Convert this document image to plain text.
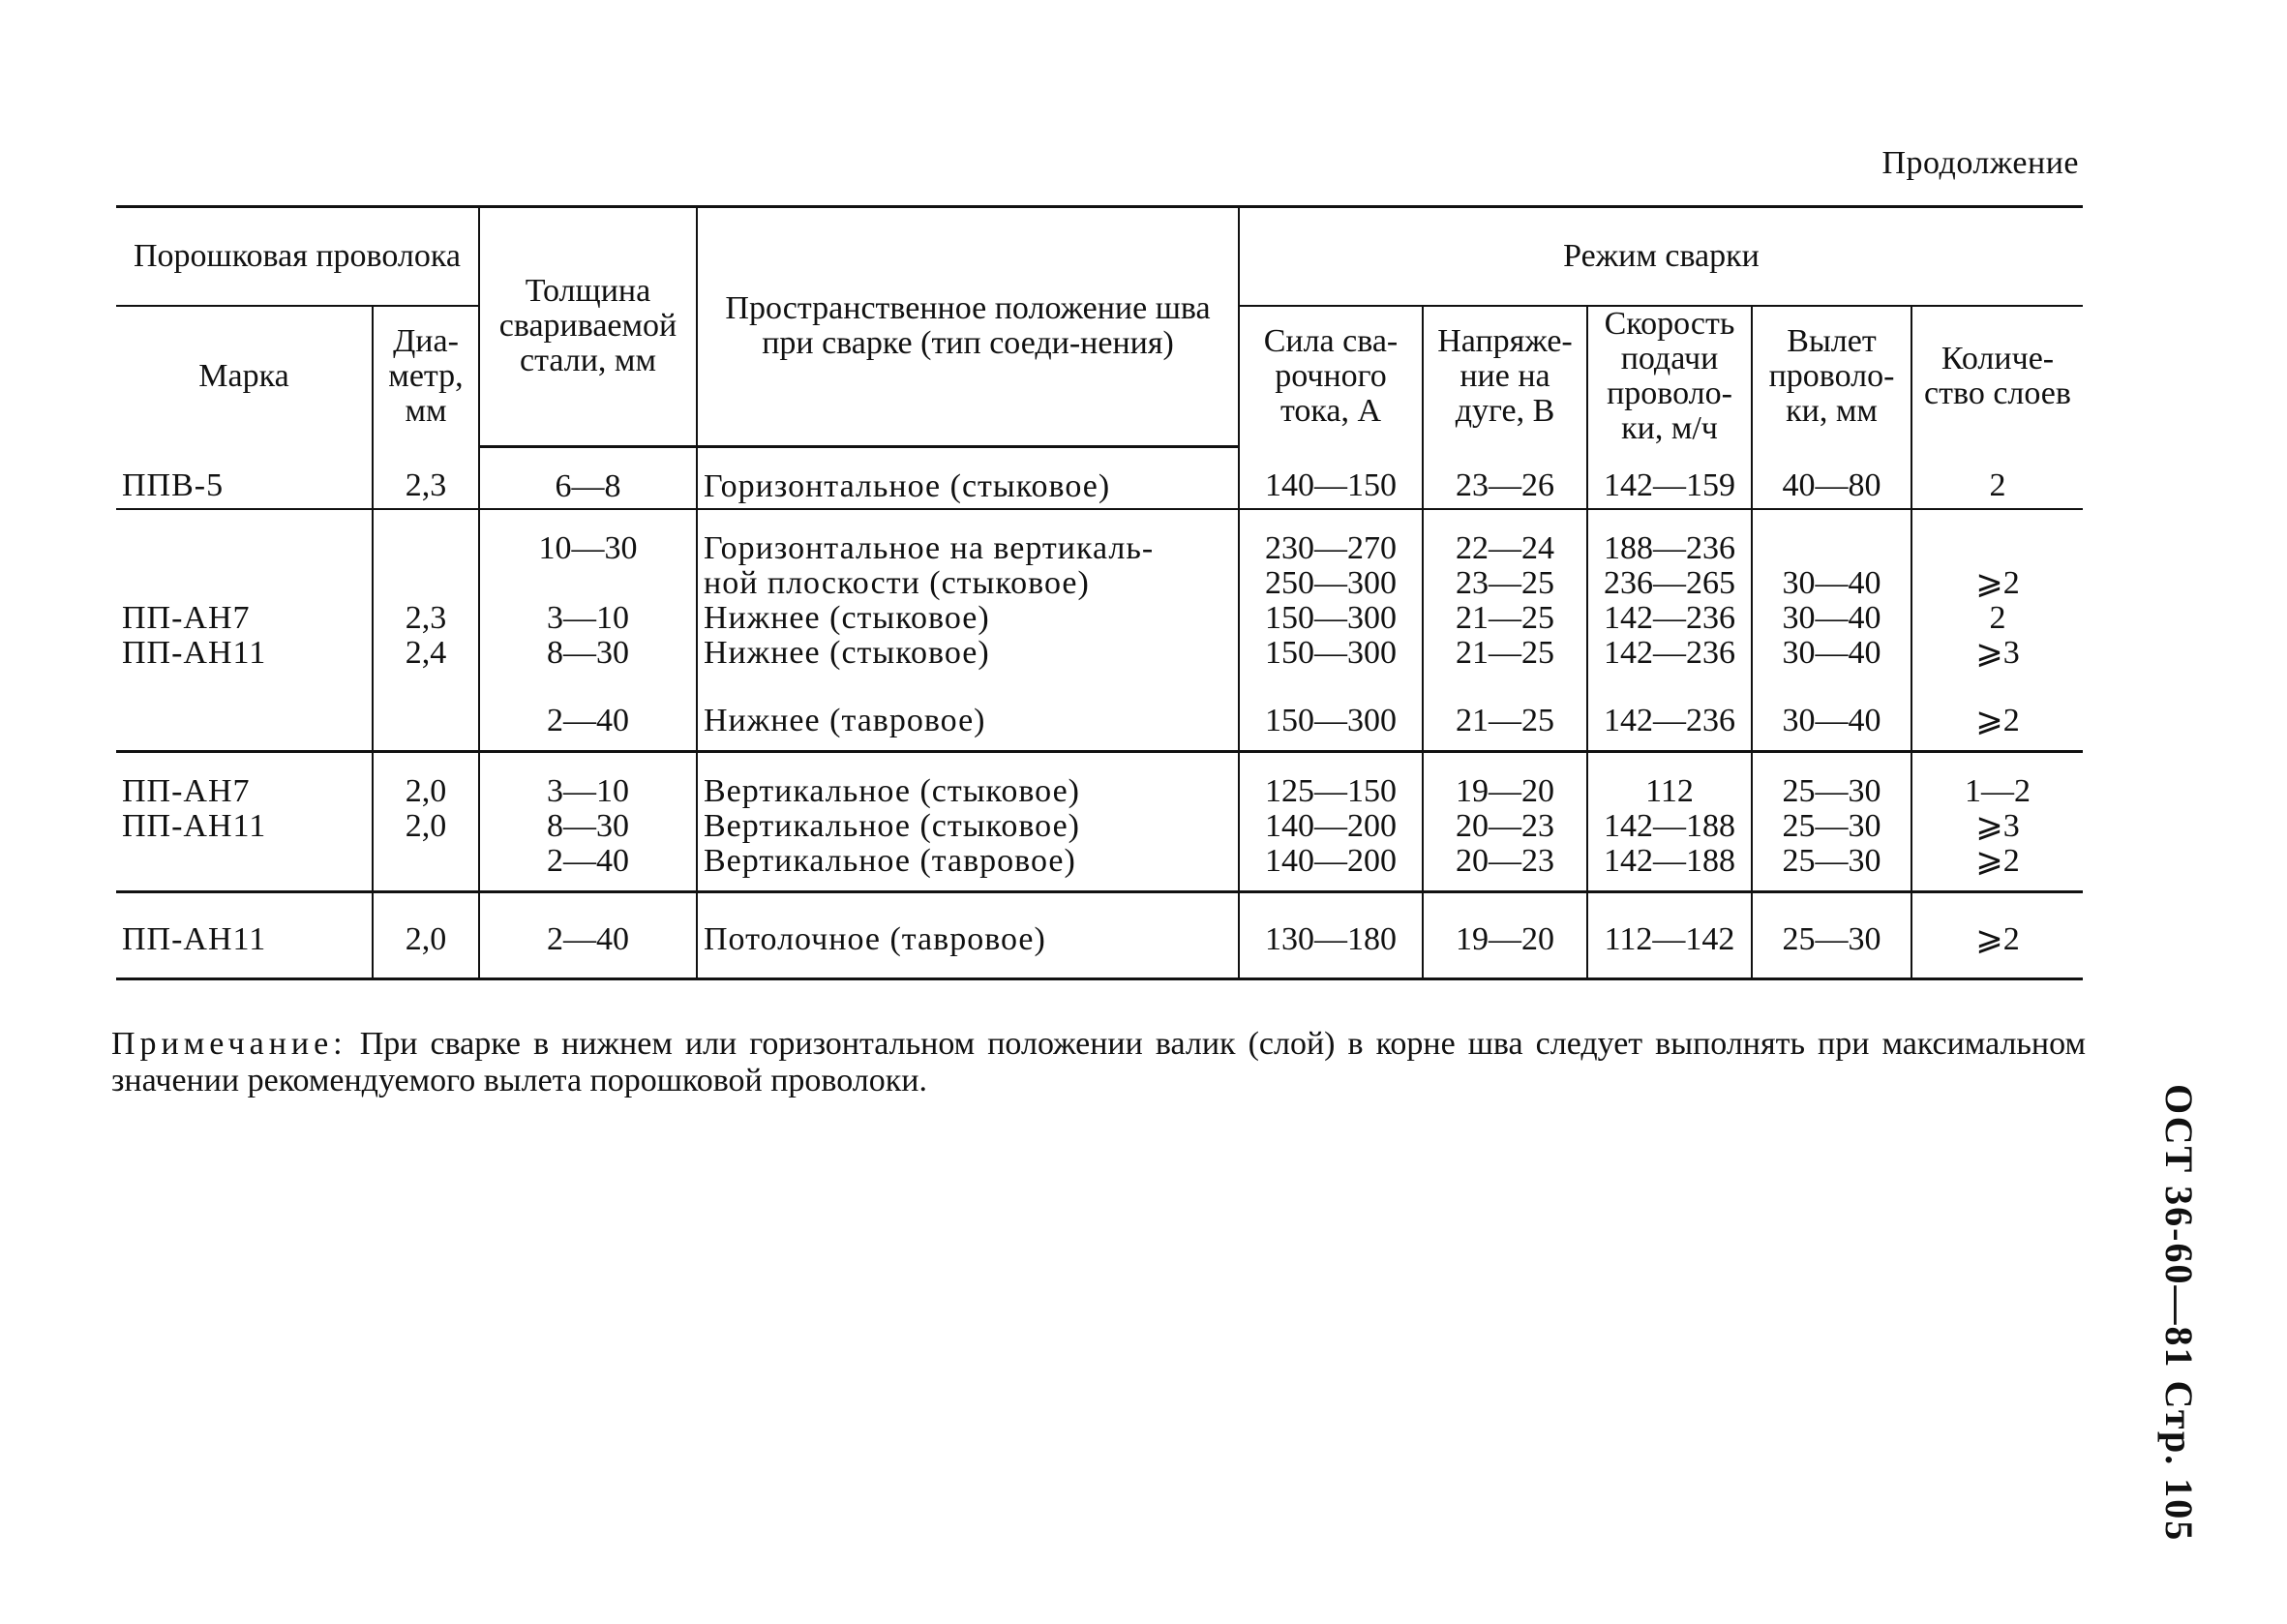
Продолжение
Порошковая проволока		Толщина свариваемой стали, мм	Пространственное положение шва при сварке (тип соеди-нения)	Режим сварки				
Марка	Диа-метр, мм			Сила сва-рочного тока, А	Напряже-ние на дуге, В	Скорость подачи проволо-ки, м/ч	Вылет проволо-ки, мм	Количе-ство слоев

ППВ-5	2,3	6—8	Горизонтальное (стыковое)	140—150	23—26	142—159	40—80	2
		10—30	Горизонтальное на вертикаль-	230—270	22—24	188—236		
			ной плоскости (стыковое)	250—300	23—25	236—265	30—40	⩾2
ПП-АН7	2,3	3—10	Нижнее (стыковое)	150—300	21—25	142—236	30—40	2
ПП-АН11	2,4	8—30	Нижнее (стыковое)	150—300	21—25	142—236	30—40	⩾3

		2—40	Нижнее (тавровое)	150—300	21—25	142—236	30—40	⩾2
ПП-АН7	2,0	3—10	Вертикальное (стыковое)	125—150	19—20	112	25—30	1—2
ПП-АН11	2,0	8—30	Вертикальное (стыковое)	140—200	20—23	142—188	25—30	⩾3
		2—40	Вертикальное (тавровое)	140—200	20—23	142—188	25—30	⩾2
ПП-АН11	2,0	2—40	Потолочное (тавровое)	130—180	19—20	112—142	25—30	⩾2
Примечание: При сварке в нижнем или горизонтальном положении валик (слой) в корне шва следует выполнять при максимальном значении рекомендуемого вылета порошковой проволоки.
ОСТ 36-60—81 Стр. 105
